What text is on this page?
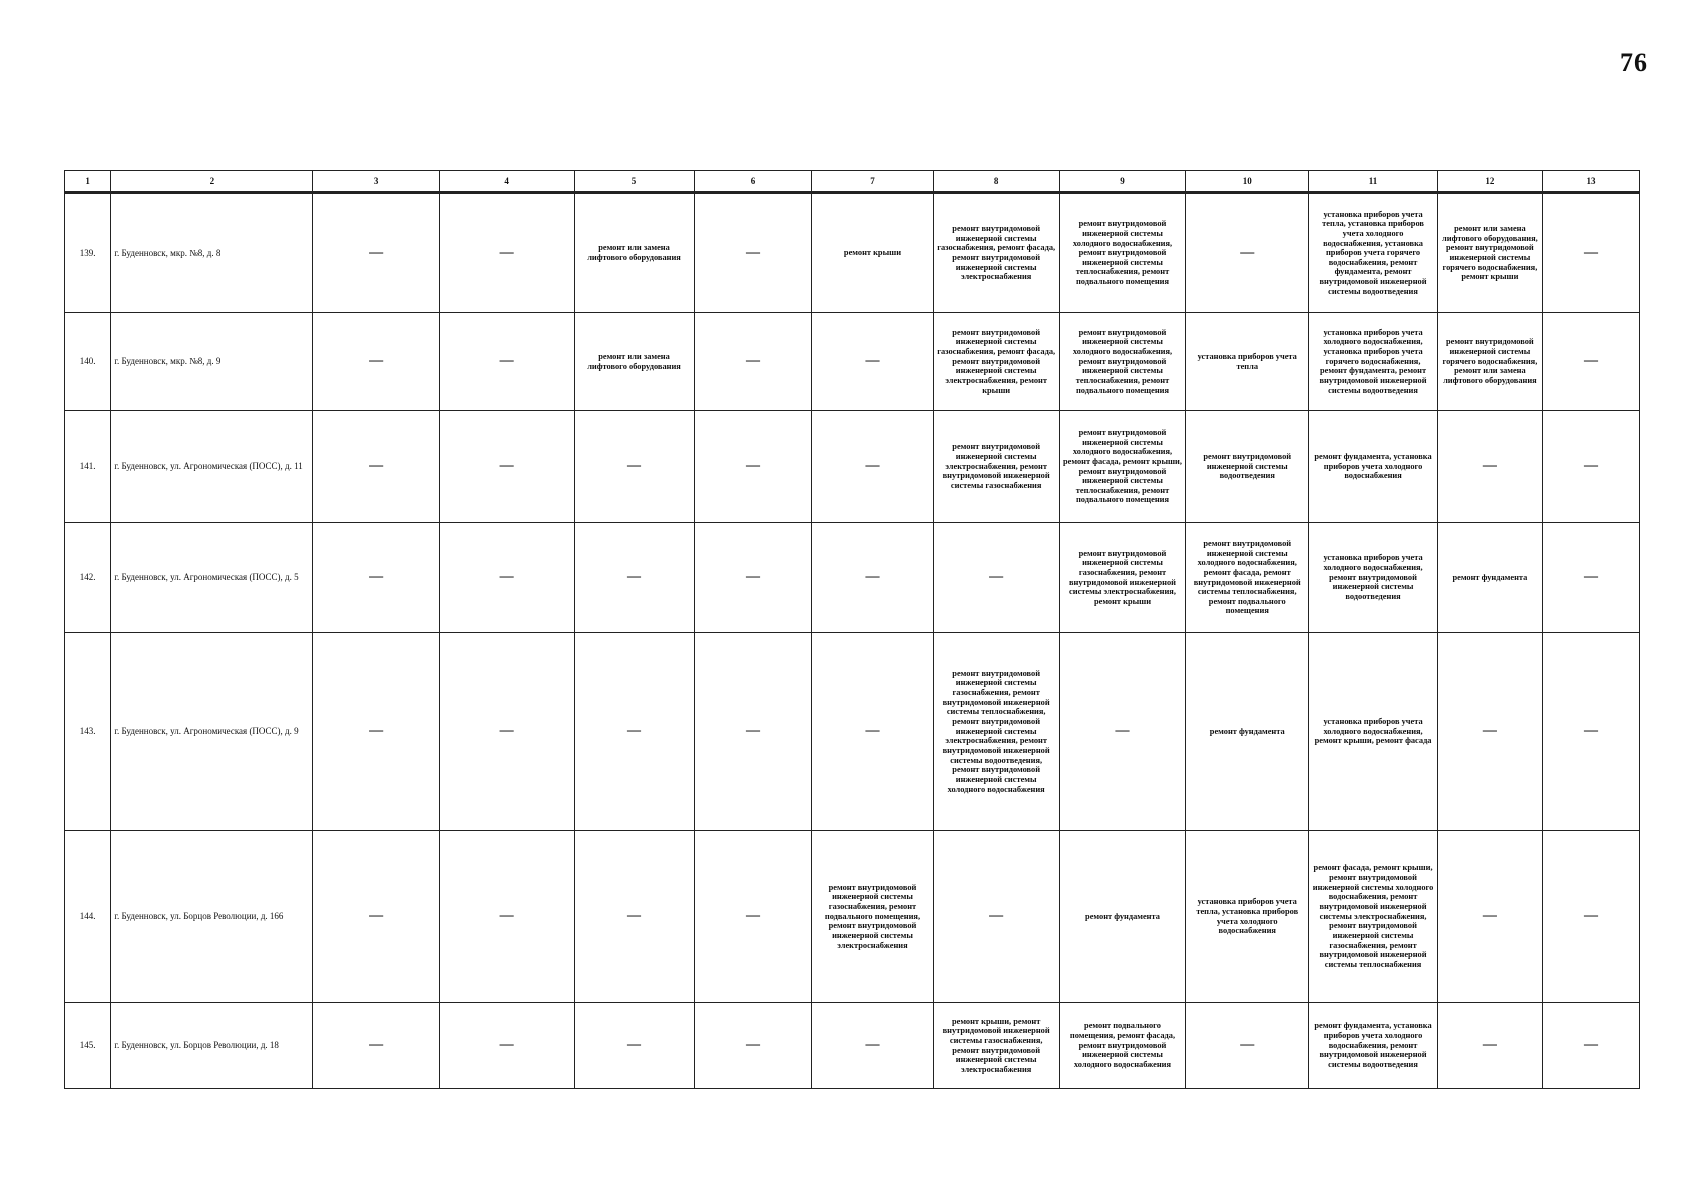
76
1	2	3	4	5	6	7	8	9	10	11	12	13
139.	г. Буденновск, мкр. №8, д. 8	—	—	ремонт или замена лифтового оборудования	—	ремонт крыши	ремонт внутридомовой инженерной системы газоснабжения, ремонт фасада, ремонт внутридомовой инженерной системы электроснабжения	ремонт внутридомовой инженерной системы холодного водоснабжения, ремонт внутридомовой инженерной системы теплоснабжения, ремонт подвального помещения	—	установка приборов учета тепла, установка приборов учета холодного водоснабжения, установка приборов учета горячего водоснабжения, ремонт фундамента, ремонт внутридомовой инженерной системы водоотведения	ремонт или замена лифтового оборудования, ремонт внутридомовой инженерной системы горячего водоснабжения, ремонт крыши	—
140.	г. Буденновск, мкр. №8, д. 9	—	—	ремонт или замена лифтового оборудования	—	—	ремонт внутридомовой инженерной системы газоснабжения, ремонт фасада, ремонт внутридомовой инженерной системы электроснабжения, ремонт крыши	ремонт внутридомовой инженерной системы холодного водоснабжения, ремонт внутридомовой инженерной системы теплоснабжения, ремонт подвального помещения	установка приборов учета тепла	установка приборов учета холодного водоснабжения, установка приборов учета горячего водоснабжения, ремонт фундамента, ремонт внутридомовой инженерной системы водоотведения	ремонт внутридомовой инженерной системы горячего водоснабжения, ремонт или замена лифтового оборудования	—
141.	г. Буденновск, ул. Агрономическая (ПОСС), д. 11	—	—	—	—	—	ремонт внутридомовой инженерной системы электроснабжения, ремонт внутридомовой инженерной системы газоснабжения	ремонт внутридомовой инженерной системы холодного водоснабжения, ремонт фасада, ремонт крыши, ремонт внутридомовой инженерной системы теплоснабжения, ремонт подвального помещения	ремонт внутридомовой инженерной системы водоотведения	ремонт фундамента, установка приборов учета холодного водоснабжения	—	—
142.	г. Буденновск, ул. Агрономическая (ПОСС), д. 5	—	—	—	—	—	—	ремонт внутридомовой инженерной системы газоснабжения, ремонт внутридомовой инженерной системы электроснабжения, ремонт крыши	ремонт внутридомовой инженерной системы холодного водоснабжения, ремонт фасада, ремонт внутридомовой инженерной системы теплоснабжения, ремонт подвального помещения	установка приборов учета холодного водоснабжения, ремонт внутридомовой инженерной системы водоотведения	ремонт фундамента	—
143.	г. Буденновск, ул. Агрономическая (ПОСС), д. 9	—	—	—	—	—	ремонт внутридомовой инженерной системы газоснабжения, ремонт внутридомовой инженерной системы теплоснабжения, ремонт внутридомовой инженерной системы электроснабжения, ремонт внутридомовой инженерной системы водоотведения, ремонт внутридомовой инженерной системы холодного водоснабжения	—	ремонт фундамента	установка приборов учета холодного водоснабжения, ремонт крыши, ремонт фасада	—	—
144.	г. Буденновск, ул. Борцов Революции, д. 166	—	—	—	—	ремонт внутридомовой инженерной системы газоснабжения, ремонт подвального помещения, ремонт внутридомовой инженерной системы электроснабжения	—	ремонт фундамента	установка приборов учета тепла, установка приборов учета холодного водоснабжения	ремонт фасада, ремонт крыши, ремонт внутридомовой инженерной системы холодного водоснабжения, ремонт внутридомовой инженерной системы электроснабжения, ремонт внутридомовой инженерной системы газоснабжения, ремонт внутридомовой инженерной системы теплоснабжения	—	—
145.	г. Буденновск, ул. Борцов Революции, д. 18	—	—	—	—	—	ремонт крыши, ремонт внутридомовой инженерной системы газоснабжения, ремонт внутридомовой инженерной системы электроснабжения	ремонт подвального помещения, ремонт фасада, ремонт внутридомовой инженерной системы холодного водоснабжения	—	ремонт фундамента, установка приборов учета холодного водоснабжения, ремонт внутридомовой инженерной системы водоотведения	—	—
